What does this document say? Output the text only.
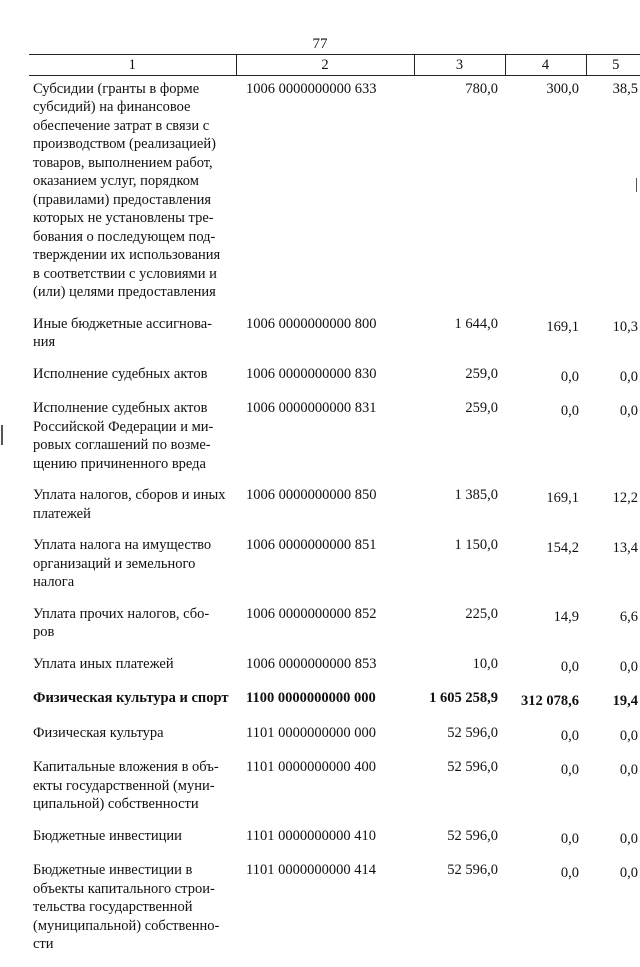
77
1	2	3	4	5
Субсидии (гранты в форме субсидий) на финансовое обеспечение затрат в связи с производством (реализацией) товаров, выполнением работ, оказанием услуг, порядком (правилами) предоставления которых не установлены тре-бования о последующем под-тверждении их использования в соответствии с условиями и (или) целями предоставления	1006 0000000000 633	780,0	300,0	38,5
Иные бюджетные ассигнова-ния	1006 0000000000 800	1 644,0	169,1	10,3
Исполнение судебных актов	1006 0000000000 830	259,0	0,0	0,0
Исполнение судебных актов Российской Федерации и ми-ровых соглашений по возме-щению причиненного вреда	1006 0000000000 831	259,0	0,0	0,0
Уплата налогов, сборов и иных платежей	1006 0000000000 850	1 385,0	169,1	12,2
Уплата налога на имущество организаций и земельного налога	1006 0000000000 851	1 150,0	154,2	13,4
Уплата прочих налогов, сбо-ров	1006 0000000000 852	225,0	14,9	6,6
Уплата иных платежей	1006 0000000000 853	10,0	0,0	0,0
Физическая культура и спорт	1100 0000000000 000	1 605 258,9	312 078,6	19,4
Физическая культура	1101 0000000000 000	52 596,0	0,0	0,0
Капитальные вложения в объ-екты государственной (муни-ципальной) собственности	1101 0000000000 400	52 596,0	0,0	0,0
Бюджетные инвестиции	1101 0000000000 410	52 596,0	0,0	0,0
Бюджетные инвестиции в объекты капитального строи-тельства государственной (муниципальной) собственно-сти	1101 0000000000 414	52 596,0	0,0	0,0
